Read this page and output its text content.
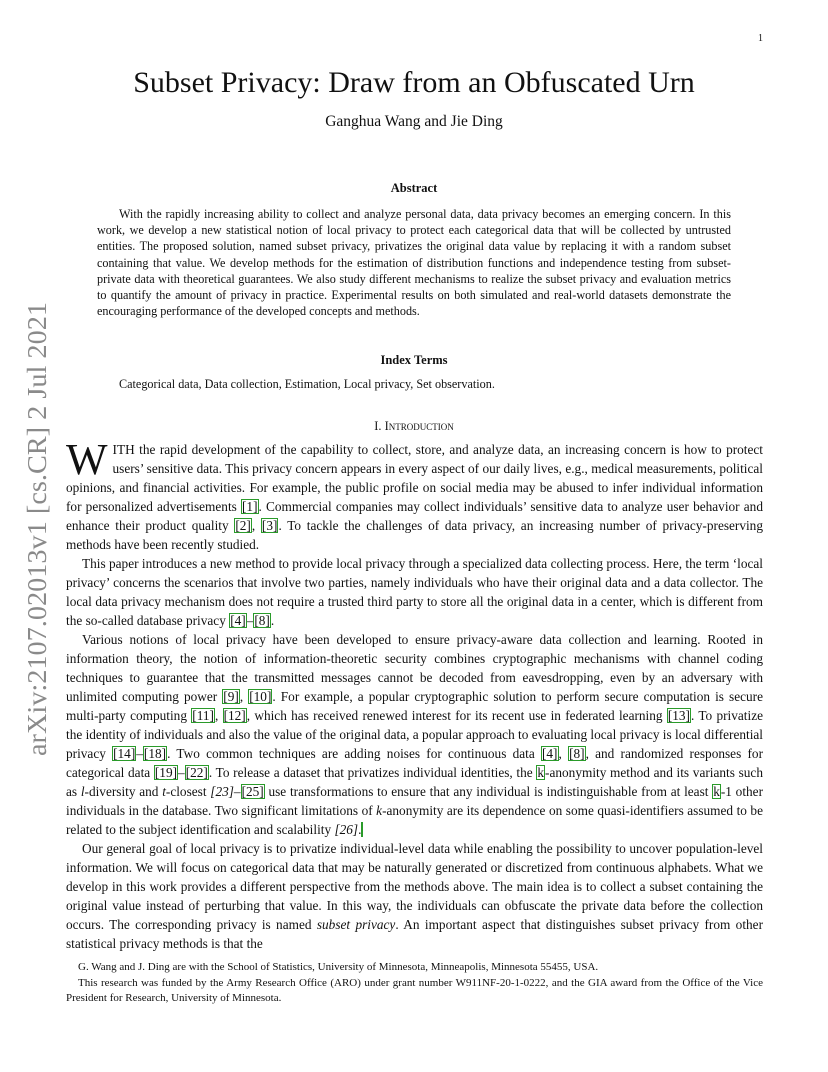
1
arXiv:2107.02013v1 [cs.CR] 2 Jul 2021
Subset Privacy: Draw from an Obfuscated Urn
Ganghua Wang and Jie Ding
Abstract
With the rapidly increasing ability to collect and analyze personal data, data privacy becomes an emerging concern. In this work, we develop a new statistical notion of local privacy to protect each categorical data that will be collected by untrusted entities. The proposed solution, named subset privacy, privatizes the original data value by replacing it with a random subset containing that value. We develop methods for the estimation of distribution functions and independence testing from subset-private data with theoretical guarantees. We also study different mechanisms to realize the subset privacy and evaluation metrics to quantify the amount of privacy in practice. Experimental results on both simulated and real-world datasets demonstrate the encouraging performance of the developed concepts and methods.
Index Terms
Categorical data, Data collection, Estimation, Local privacy, Set observation.
I. Introduction

WITH the rapid development of the capability to collect, store, and analyze data, an increasing concern is how to protect users’ sensitive data. This privacy concern appears in every aspect of our daily lives, e.g., medical measurements, political opinions, and financial activities. For example, the public profile on social media may be abused to infer individual information for personalized advertisements [1]. Commercial companies may collect individuals’ sensitive data to analyze user behavior and enhance their product quality [2], [3]. To tackle the challenges of data privacy, an increasing number of privacy-preserving methods have been recently studied.

This paper introduces a new method to provide local privacy through a specialized data collecting process. Here, the term ‘local privacy’ concerns the scenarios that involve two parties, namely individuals who have their original data and a data collector. The local data privacy mechanism does not require a trusted third party to store all the original data in a center, which is different from the so-called database privacy [4]–[8].

Various notions of local privacy have been developed to ensure privacy-aware data collection and learning. Rooted in information theory, the notion of information-theoretic security combines cryptographic mechanisms with channel coding techniques to guarantee that the transmitted messages cannot be decoded from eavesdropping, even by an adversary with unlimited computing power [9], [10]. For example, a popular cryptographic solution to perform secure computation is secure multi-party computing [11], [12], which has received renewed interest for its recent use in federated learning [13]. To privatize the identity of individuals and also the value of the original data, a popular approach to evaluating local privacy is local differential privacy [14]–[18]. Two common techniques are adding noises for continuous data [4], [8], and randomized responses for categorical data [19]–[22]. To release a dataset that privatizes individual identities, the k-anonymity method and its variants such as l-diversity and t-closest [23]–[25] use transformations to ensure that any individual is indistinguishable from at least k-1 other individuals in the database. Two significant limitations of k-anonymity are its dependence on some quasi-identifiers assumed to be related to the subject identification and scalability [26].

Our general goal of local privacy is to privatize individual-level data while enabling the possibility to uncover population-level information. We will focus on categorical data that may be naturally generated or discretized from continuous alphabets. What we develop in this work provides a different perspective from the methods above. The main idea is to collect a subset containing the original value instead of perturbing that value. In this way, the individuals can obfuscate the private data before the collection occurs. The corresponding privacy is named subset privacy. An important aspect that distinguishes subset privacy from other statistical privacy methods is that the

G. Wang and J. Ding are with the School of Statistics, University of Minnesota, Minneapolis, Minnesota 55455, USA.

This research was funded by the Army Research Office (ARO) under grant number W911NF-20-1-0222, and the GIA award from the Office of the Vice President for Research, University of Minnesota.
